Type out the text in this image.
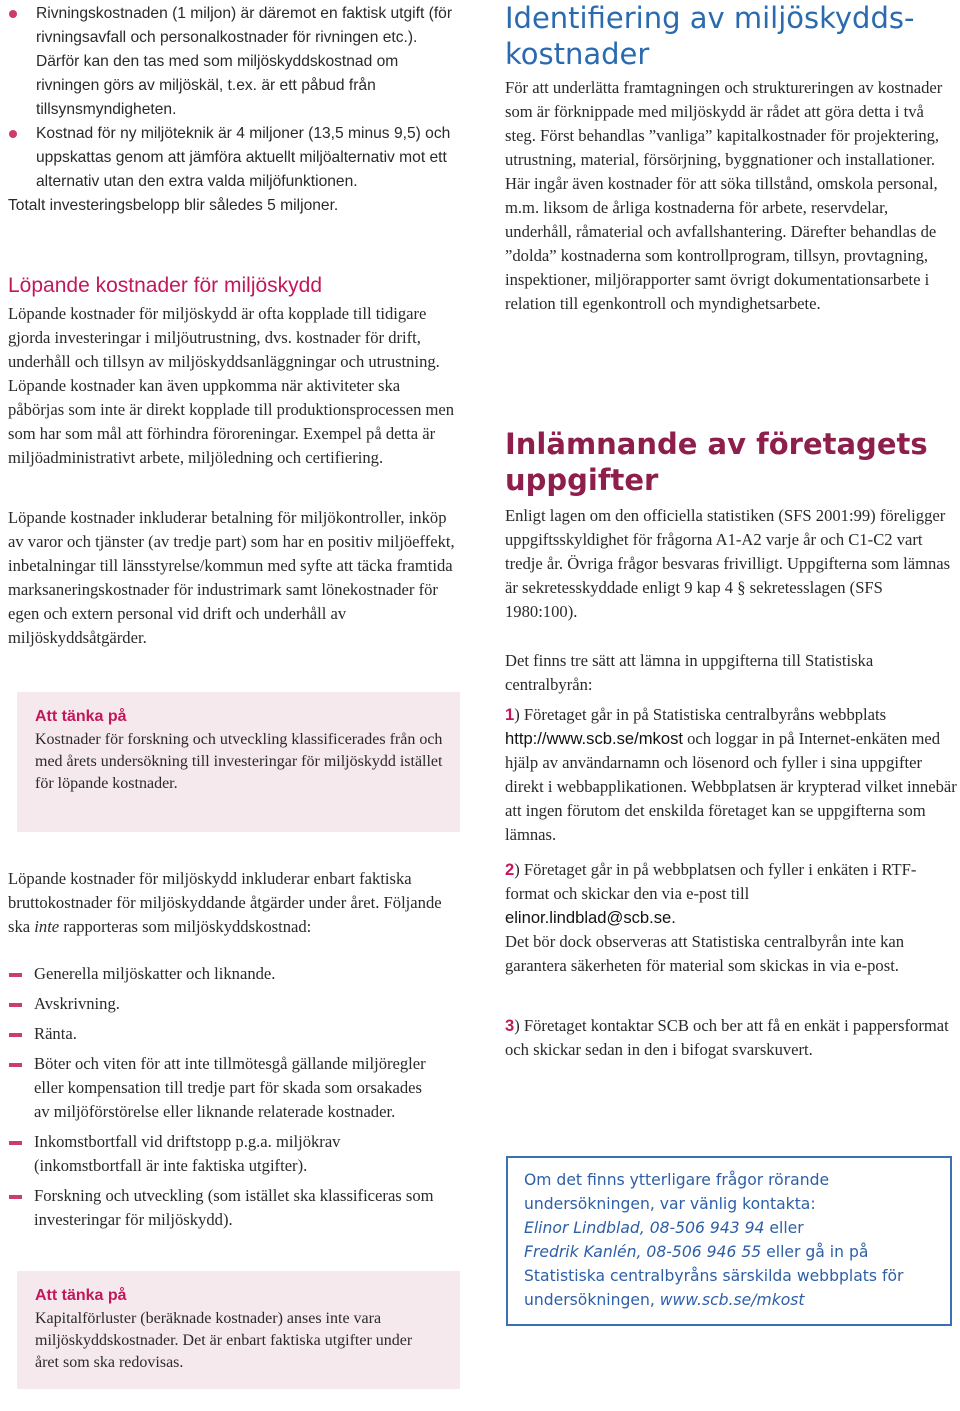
Rivningskostnaden (1 miljon) är däremot en faktisk utgift (för rivningsavfall och personalkostnader för rivningen etc.). Därför kan den tas med som miljöskyddskostnad om rivningen görs av miljöskäl, t.ex. är ett påbud från tillsynsmyndigheten.
Kostnad för ny miljöteknik är 4 miljoner (13,5 minus 9,5) och uppskattas genom att jämföra aktuellt miljöalternativ mot ett alternativ utan den extra valda miljöfunktionen.
Totalt investeringsbelopp blir således 5 miljoner.
Löpande kostnader för miljöskydd

Löpande kostnader för miljöskydd är ofta kopplade till tidigare gjorda investeringar i miljöutrustning, dvs. kostnader för drift, underhåll och tillsyn av miljöskyddsanläggningar och utrustning. Löpande kostnader kan även uppkomma när aktiviteter ska påbörjas som inte är direkt kopplade till produktionsprocessen men som har som mål att förhindra föroreningar. Exempel på detta är miljöadministrativt arbete, miljöledning och certifiering.

Löpande kostnader inkluderar betalning för miljökontroller, inköp av varor och tjänster (av tredje part) som har en positiv miljöeffekt, inbetalningar till länsstyrelse/kommun med syfte att täcka framtida marksaneringskostnader för industrimark samt lönekostnader för egen och extern personal vid drift och underhåll av miljöskyddsåtgärder.

Att tänka på
Kostnader för forskning och utveckling klassificerades från och med årets undersökning till investeringar för miljöskydd istället för löpande kostnader.

Löpande kostnader för miljöskydd inkluderar enbart faktiska bruttokostnader för miljöskyddande åtgärder under året. Följande ska inte rapporteras som miljöskyddskostnad:

Generella miljöskatter och liknande.

Avskrivning.

Ränta.

Böter och viten för att inte tillmötesgå gällande miljöregler eller kompensation till tredje part för skada som orsakades av miljöförstörelse eller liknande relaterade kostnader.

Inkomstbortfall vid driftstopp p.g.a. miljökrav (inkomstbortfall är inte faktiska utgifter).

Forskning och utveckling (som istället ska klassificeras som investeringar för miljöskydd).

Att tänka på
Kapitalförluster (beräknade kostnader) anses inte vara miljöskyddskostnader. Det är enbart faktiska utgifter under året som ska redovisas.
Identifiering av miljöskydds-kostnader

För att underlätta framtagningen och struktureringen av kostnader som är förknippade med miljöskydd är rådet att göra detta i två steg. Först behandlas ”vanliga” kapitalkostnader för projektering, utrustning, material, försörjning, byggnationer och installationer. Här ingår även kostnader för att söka tillstånd, omskola personal, m.m. liksom de årliga kostnaderna för arbete, reservdelar, underhåll, råmaterial och avfallshantering. Därefter behandlas de ”dolda” kostnaderna som kontrollprogram, tillsyn, provtagning, inspektioner, miljörapporter samt övrigt dokumentationsarbete i relation till egenkontroll och myndighetsarbete.

Inlämnande av företagets uppgifter

Enligt lagen om den officiella statistiken (SFS 2001:99) föreligger uppgiftsskyldighet för frågorna A1-A2 varje år och C1-C2 vart tredje år. Övriga frågor besvaras frivilligt. Uppgifterna som lämnas är sekretesskyddade enligt 9 kap 4 § sekretesslagen (SFS 1980:100).

Det finns tre sätt att lämna in uppgifterna till Statistiska centralbyrån:

1) Företaget går in på Statistiska centralbyråns webbplats http://www.scb.se/mkost och loggar in på Internet-enkäten med hjälp av användarnamn och lösenord och fyller i sina uppgifter direkt i webbapplikationen. Webbplatsen är krypterad vilket innebär att ingen förutom det enskilda företaget kan se uppgifterna som lämnas.

2) Företaget går in på webbplatsen och fyller i enkäten i RTF-format och skickar den via e-post till
elinor.lindblad@scb.se.
Det bör dock observeras att Statistiska centralbyrån inte kan garantera säkerheten för material som skickas in via e-post.

3) Företaget kontaktar SCB och ber att få en enkät i pappersformat och skickar sedan in den i bifogat svarskuvert.

Om det finns ytterligare frågor rörande undersökningen, var vänlig kontakta:
Elinor Lindblad, 08-506 943 94 eller
Fredrik Kanlén, 08-506 946 55 eller gå in på Statistiska centralbyråns särskilda webbplats för undersökningen, www.scb.se/mkost
